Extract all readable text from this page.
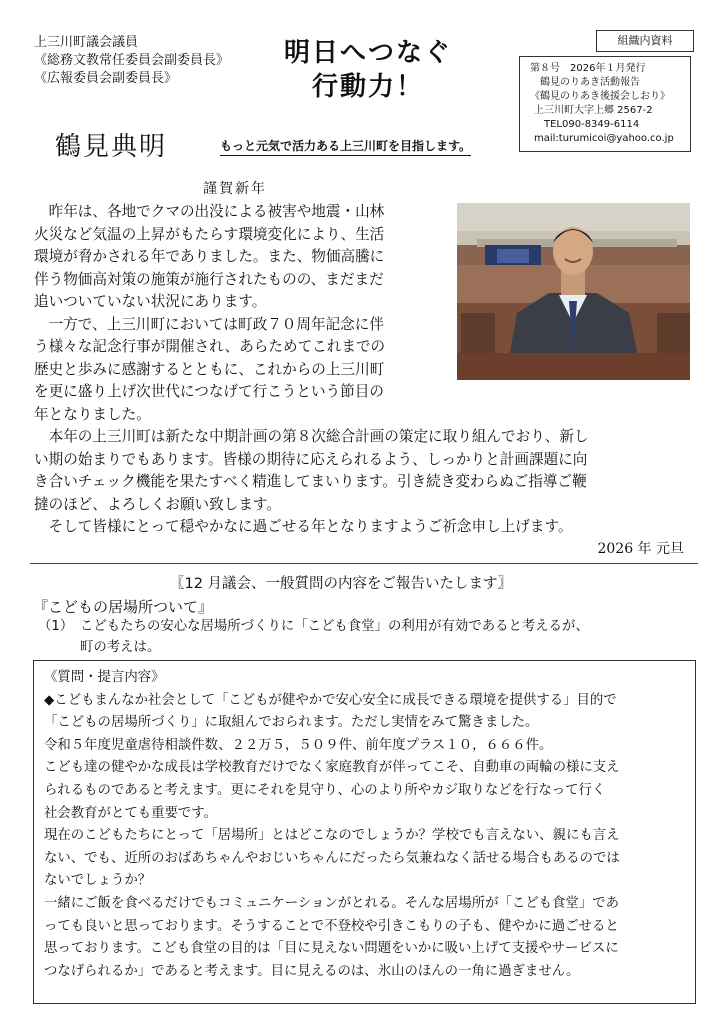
上三川町議会議員
《総務文教常任委員会副委員長》
《広報委員会副委員長》
明日へつなぐ
行動力！
鶴見典明	もっと元気で活力ある上三川町を目指します。
組織内資料
第８号　2026年１月発行
鶴見のりあき活動報告
《鶴見のりあき後援会しおり》
上三川町大字上郷 2567-2
TEL090-8349-6114
mail:turumicoi@yahoo.co.jp
謹賀新年

　昨年は、各地でクマの出没による被害や地震・山林

火災など気温の上昇がもたらす環境変化により、生活

環境が脅かされる年でありました。また、物価高騰に

伴う物価高対策の施策が施行されたものの、まだまだ

追いついていない状況にあります。

　一方で、上三川町においては町政７０周年記念に伴

う様々な記念行事が開催され、あらためてこれまでの

歴史と歩みに感謝するとともに、これからの上三川町

を更に盛り上げ次世代につなげて行こうという節目の

年となりました。

　本年の上三川町は新たな中期計画の第８次総合計画の策定に取り組んでおり、新し

い期の始まりでもあります。皆様の期待に応えられるよう、しっかりと計画課題に向

き合いチェック機能を果たすべく精進してまいります。引き続き変わらぬご指導ご鞭

撻のほど、よろしくお願い致します。

　そして皆様にとって穏やかなに過ごせる年となりますようご祈念申し上げます。

2026 年 元旦
〖12 月議会、一般質問の内容をご報告いたします〗
『こどもの居場所ついて』
（1）　こどもたちの安心な居場所づくりに「こども食堂」の利用が有効であると考えるが、
町の考えは。

《質問・提言内容》

◆こどもまんなか社会として「こどもが健やかで安心安全に成長できる環境を提供する」目的で

「こどもの居場所づくり」に取組んでおられます。ただし実情をみて驚きました。

令和５年度児童虐待相談件数、２２万５，５０９件、前年度プラス１０，６６６件。

こども達の健やかな成長は学校教育だけでなく家庭教育が伴ってこそ、自動車の両輪の様に支え

られるものであると考えます。更にそれを見守り、心のより所やカジ取りなどを行なって行く

社会教育がとても重要です。

現在のこどもたちにとって「居場所」とはどこなのでしょうか？学校でも言えない、親にも言え

ない、でも、近所のおばあちゃんやおじいちゃんにだったら気兼ねなく話せる場合もあるのでは

ないでしょうか？

一緒にご飯を食べるだけでもコミュニケーションがとれる。そんな居場所が「こども食堂」であ

っても良いと思っております。そうすることで不登校や引きこもりの子も、健やかに過ごせると

思っております。こども食堂の目的は「目に見えない問題をいかに吸い上げて支援やサービスに

つなげられるか」であると考えます。目に見えるのは、氷山のほんの一角に過ぎません。
